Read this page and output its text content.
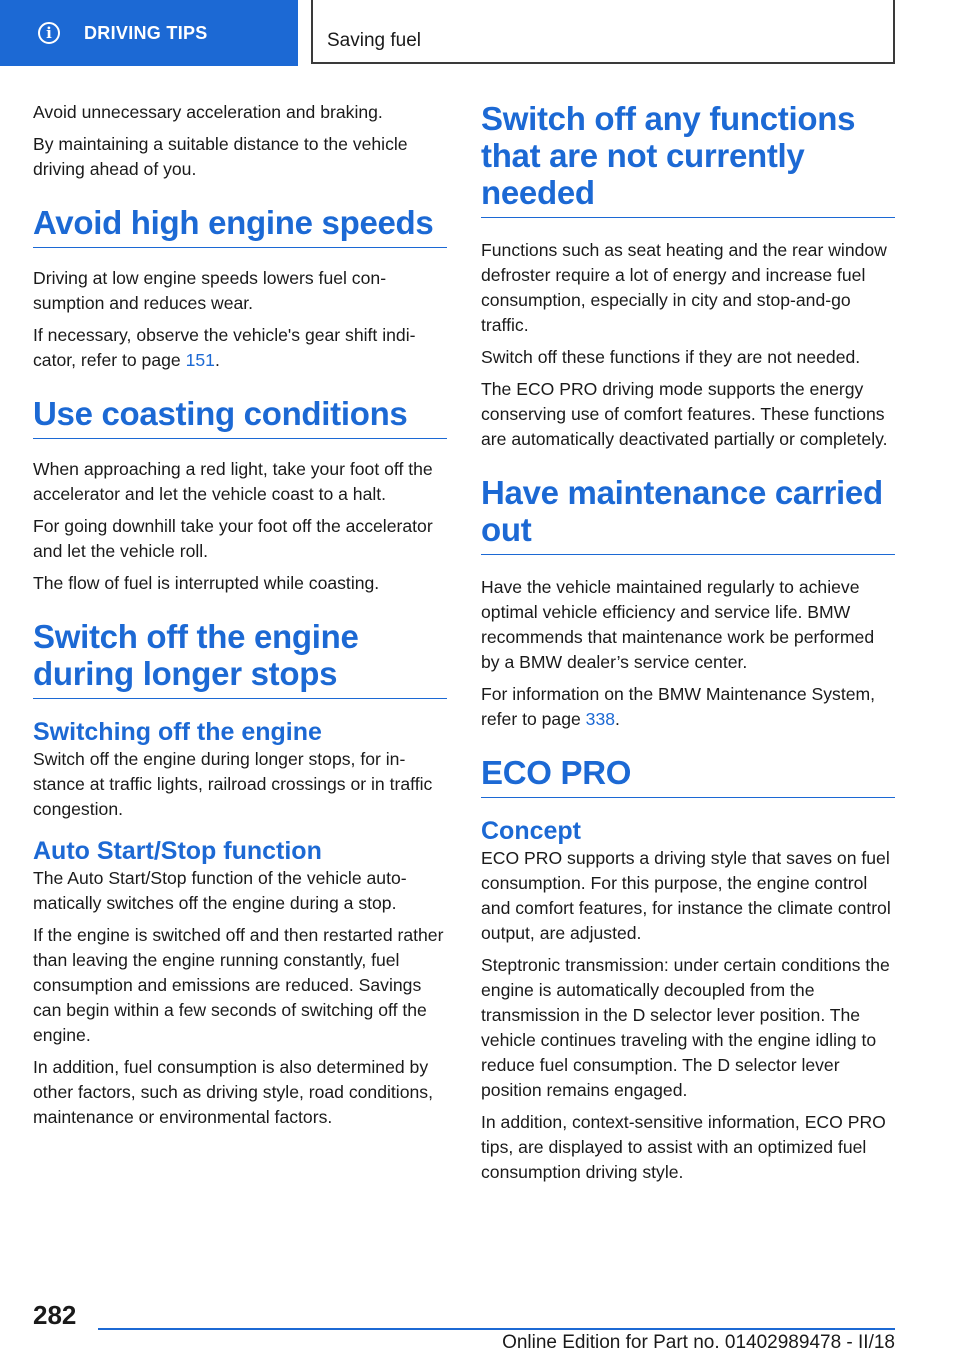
i	DRIVING TIPS	Saving fuel

Avoid unnecessary acceleration and braking.

By maintaining a suitable distance to the vehicle driving ahead of you.

Avoid high engine speeds

Driving at low engine speeds lowers fuel consumption and reduces wear.

If necessary, observe the vehicle's gear shift indicator, refer to page 151.

Use coasting conditions

When approaching a red light, take your foot off the accelerator and let the vehicle coast to a halt.

For going downhill take your foot off the accelerator and let the vehicle roll.

The flow of fuel is interrupted while coasting.

Switch off the engine during longer stops
Switching off the engine

Switch off the engine during longer stops, for instance at traffic lights, railroad crossings or in traffic congestion.

Auto Start/Stop function

The Auto Start/Stop function of the vehicle automatically switches off the engine during a stop.

If the engine is switched off and then restarted rather than leaving the engine running constantly, fuel consumption and emissions are reduced. Savings can begin within a few seconds of switching off the engine.

In addition, fuel consumption is also determined by other factors, such as driving style, road conditions, maintenance or environmental factors.

Switch off any functions that are not currently needed

Functions such as seat heating and the rear window defroster require a lot of energy and increase fuel consumption, especially in city and stop-and-go traffic.

Switch off these functions if they are not needed.

The ECO PRO driving mode supports the energy conserving use of comfort features. These functions are automatically deactivated partially or completely.

Have maintenance carried out

Have the vehicle maintained regularly to achieve optimal vehicle efficiency and service life. BMW recommends that maintenance work be performed by a BMW dealer’s service center.

For information on the BMW Maintenance System, refer to page 338.

ECO PRO
Concept

ECO PRO supports a driving style that saves on fuel consumption. For this purpose, the engine control and comfort features, for instance the climate control output, are adjusted.

Steptronic transmission: under certain conditions the engine is automatically decoupled from the transmission in the D selector lever position. The vehicle continues traveling with the engine idling to reduce fuel consumption. The D selector lever position remains engaged.

In addition, context-sensitive information, ECO PRO tips, are displayed to assist with an optimized fuel consumption driving style.

282
Online Edition for Part no. 01402989478 - II/18
